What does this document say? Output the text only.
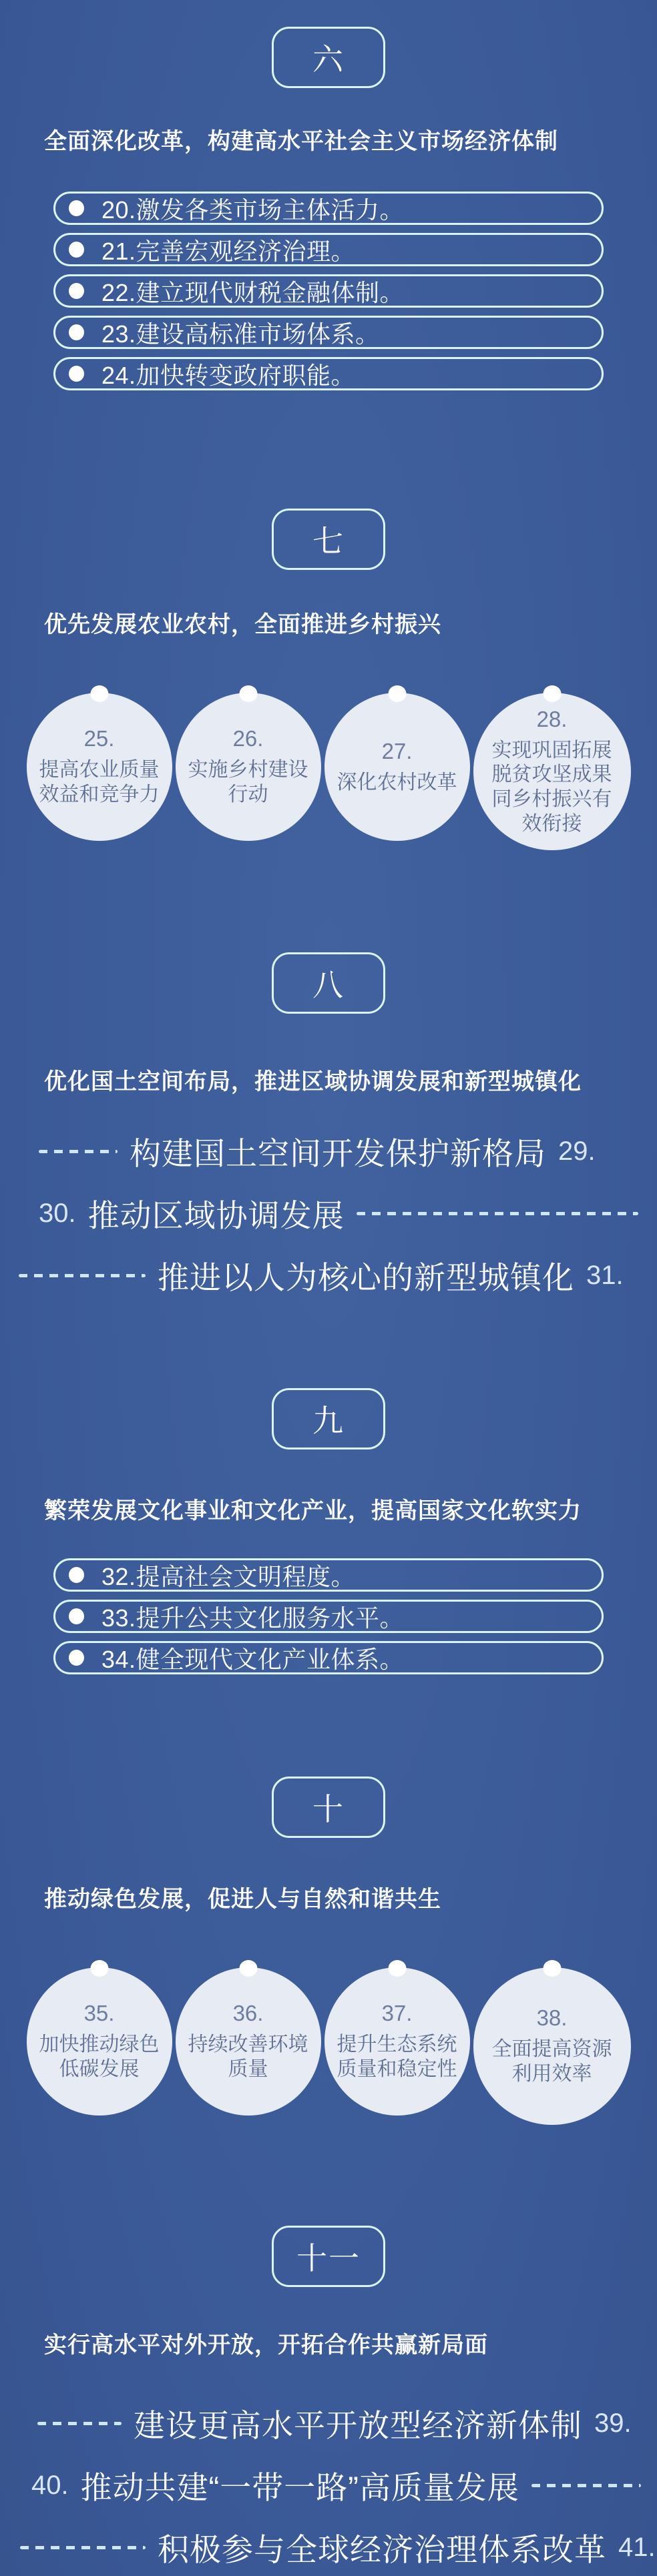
六
全面深化改革，构建高水平社会主义市场经济体制
20.激发各类市场主体活力。
21.完善宏观经济治理。
22.建立现代财税金融体制。
23.建设高标准市场体系。
24.加快转变政府职能。
七
优先发展农业农村，全面推进乡村振兴
25.
提高农业质量效益和竞争力
26.
实施乡村建设行动
27.
深化农村改革
28.
实现巩固拓展脱贫攻坚成果同乡村振兴有效衔接
八
优化国土空间布局，推进区域协调发展和新型城镇化
构建国土空间开发保护新格局 29.
30. 推动区域协调发展
推进以人为核心的新型城镇化 31.
九
繁荣发展文化事业和文化产业，提高国家文化软实力
32.提高社会文明程度。
33.提升公共文化服务水平。
34.健全现代文化产业体系。
十
推动绿色发展，促进人与自然和谐共生
35.
加快推动绿色低碳发展
36.
持续改善环境质量
37.
提升生态系统质量和稳定性
38.
全面提高资源利用效率
十一
实行高水平对外开放，开拓合作共赢新局面
建设更高水平开放型经济新体制 39.
40. 推动共建“一带一路”高质量发展
积极参与全球经济治理体系改革 41.
